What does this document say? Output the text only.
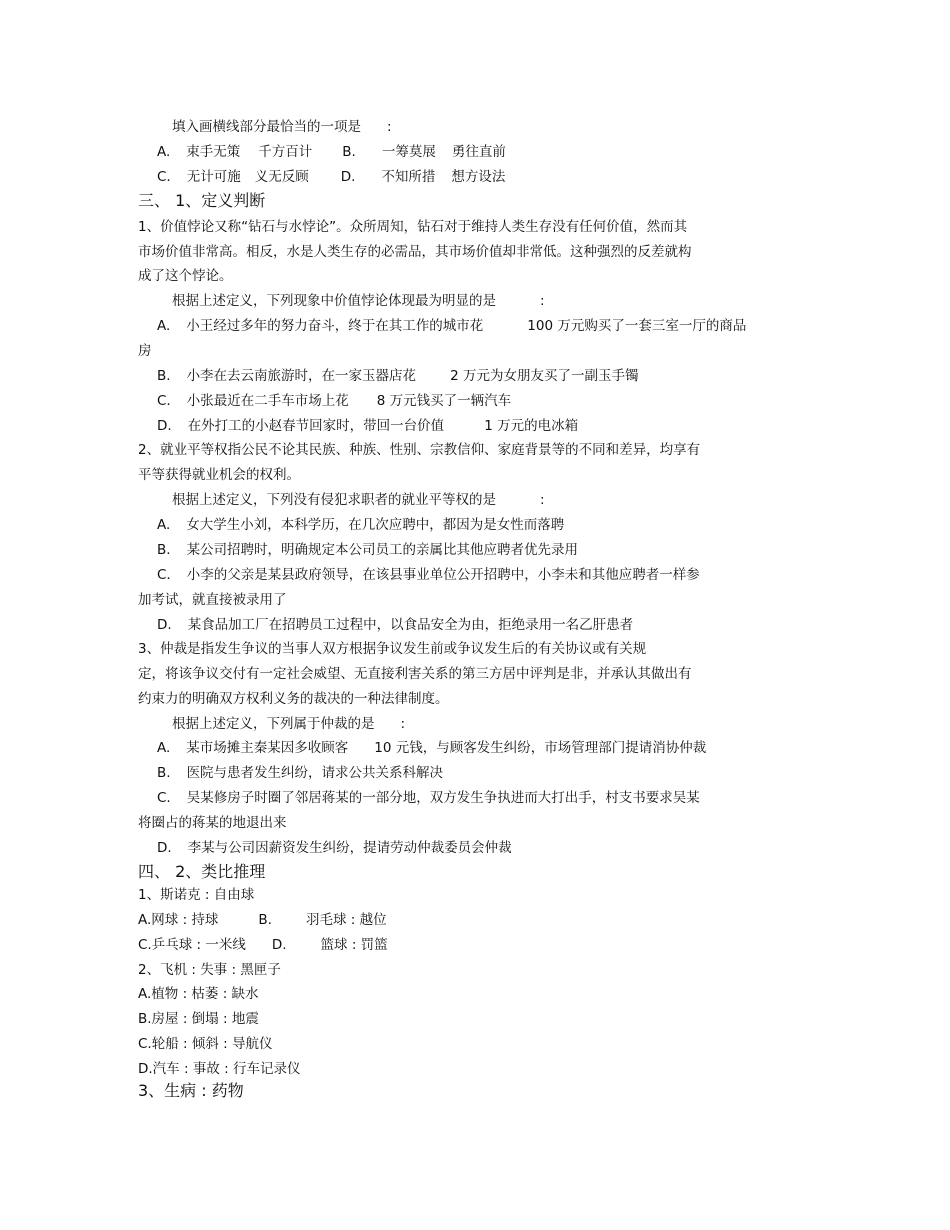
填入画横线部分最恰当的一项是 :
A. 束手无策 千方百计 B. 一筹莫展 勇往直前
C. 无计可施 义无反顾 D. 不知所措 想方设法
三、 1、定义判断
1、价值悖论又称“钻石与水悖论”。众所周知，钻石对于维持人类生存没有任何价值，然而其
市场价值非常高。相反，水是人类生存的必需品，其市场价值却非常低。这种强烈的反差就构
成了这个悖论。
根据上述定义，下列现象中价值悖论体现最为明显的是	:
A. 小王经过多年的努力奋斗，终于在其工作的城市花	100 万元购买了一套三室一厅的商品
房
B. 小李在去云南旅游时，在一家玉器店花	2 万元为女朋友买了一副玉手镯
C. 小张最近在二手车市场上花 8 万元钱买了一辆汽车
D. 在外打工的小赵春节回家时，带回一台价值	1 万元的电冰箱
2、就业平等权指公民不论其民族、种族、性别、宗教信仰、家庭背景等的不同和差异，均享有
平等获得就业机会的权利。
根据上述定义，下列没有侵犯求职者的就业平等权的是	:
A. 女大学生小刘，本科学历，在几次应聘中，都因为是女性而落聘
B. 某公司招聘时，明确规定本公司员工的亲属比其他应聘者优先录用
C. 小李的父亲是某县政府领导，在该县事业单位公开招聘中，小李未和其他应聘者一样参
加考试，就直接被录用了
D. 某食品加工厂在招聘员工过程中，以食品安全为由，拒绝录用一名乙肝患者
3、仲裁是指发生争议的当事人双方根据争议发生前或争议发生后的有关协议或有关规
定，将该争议交付有一定社会威望、无直接利害关系的第三方居中评判是非，并承认其做出有
约束力的明确双方权利义务的裁决的一种法律制度。
根据上述定义，下列属于仲裁的是 :
A. 某市场摊主秦某因多收顾客 10 元钱，与顾客发生纠纷，市场管理部门提请消协仲裁
B. 医院与患者发生纠纷，请求公共关系科解决
C. 吴某修房子时圈了邻居蒋某的一部分地，双方发生争执进而大打出手，村支书要求吴某
将圈占的蒋某的地退出来
D. 李某与公司因薪资发生纠纷，提请劳动仲裁委员会仲裁
四、 2、类比推理
1、斯诺克 : 自由球
A.网球 : 持球	B.	羽毛球 : 越位
C.乒乓球 : 一米线 D.	篮球 : 罚篮
2、飞机 : 失事 : 黑匣子
A.植物 : 枯萎 : 缺水
B.房屋 : 倒塌 : 地震
C.轮船 : 倾斜 : 导航仪
D.汽车 : 事故 : 行车记录仪
3、生病 : 药物
